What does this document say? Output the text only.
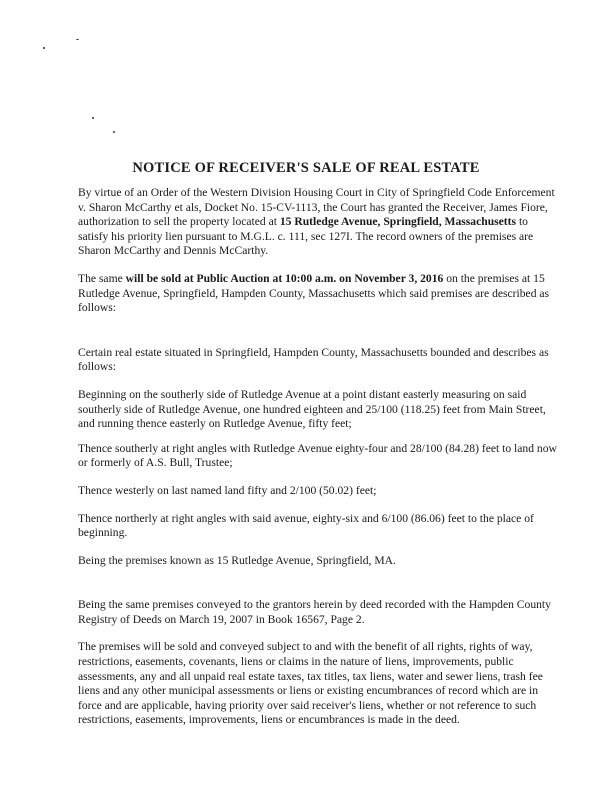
NOTICE OF RECEIVER'S SALE OF REAL ESTATE

By virtue of an Order of the Western Division Housing Court in City of Springfield Code Enforcement v. Sharon McCarthy et als, Docket No. 15-CV-1113, the Court has granted the Receiver, James Fiore, authorization to sell the property located at 15 Rutledge Avenue, Springfield, Massachusetts to satisfy his priority lien pursuant to M.G.L. c. 111, sec 127I. The record owners of the premises are Sharon McCarthy and Dennis McCarthy.

The same will be sold at Public Auction at 10:00 a.m. on November 3, 2016 on the premises at 15 Rutledge Avenue, Springfield, Hampden County, Massachusetts which said premises are described as follows:

Certain real estate situated in Springfield, Hampden County, Massachusetts bounded and describes as follows:

Beginning on the southerly side of Rutledge Avenue at a point distant easterly measuring on said southerly side of Rutledge Avenue, one hundred eighteen and 25/100 (118.25) feet from Main Street, and running thence easterly on Rutledge Avenue, fifty feet;

Thence southerly at right angles with Rutledge Avenue eighty-four and 28/100 (84.28) feet to land now or formerly of A.S. Bull, Trustee;

Thence westerly on last named land fifty and 2/100 (50.02) feet;

Thence northerly at right angles with said avenue, eighty-six and 6/100 (86.06) feet to the place of beginning.

Being the premises known as 15 Rutledge Avenue, Springfield, MA.

Being the same premises conveyed to the grantors herein by deed recorded with the Hampden County Registry of Deeds on March 19, 2007 in Book 16567, Page 2.

The premises will be sold and conveyed subject to and with the benefit of all rights, rights of way, restrictions, easements, covenants, liens or claims in the nature of liens, improvements, public assessments, any and all unpaid real estate taxes, tax titles, tax liens, water and sewer liens, trash fee liens and any other municipal assessments or liens or existing encumbrances of record which are in force and are applicable, having priority over said receiver's liens, whether or not reference to such restrictions, easements, improvements, liens or encumbrances is made in the deed.
